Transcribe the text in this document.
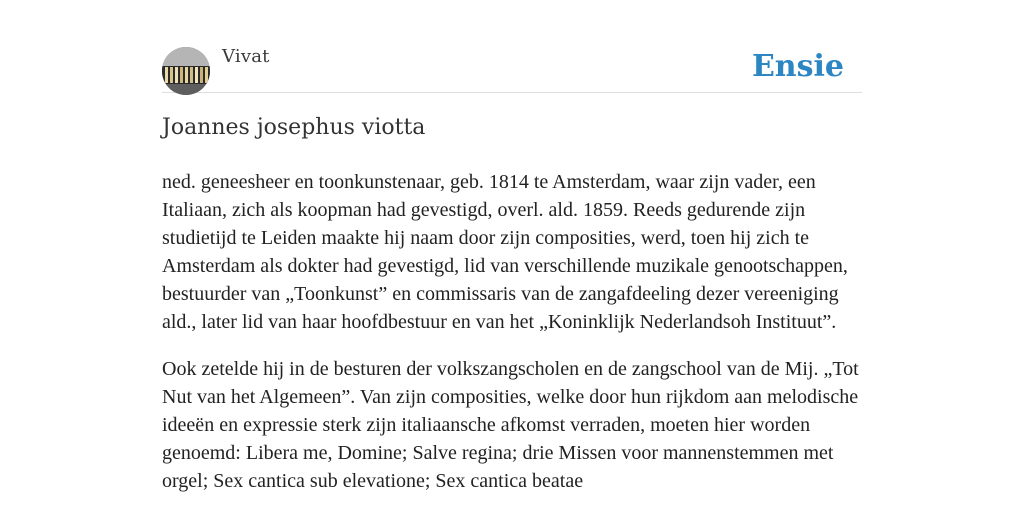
Vivat	Ensie
Joannes josephus viotta

ned. geneesheer en toonkunstenaar, geb. 1814 te Amsterdam, waar zijn vader, een Italiaan, zich als koopman had gevestigd, overl. ald. 1859. Reeds gedurende zijn studietijd te Leiden maakte hij naam door zijn composities, werd, toen hij zich te Amsterdam als dokter had gevestigd, lid van verschillende muzikale genootschappen, bestuurder van „Toonkunst” en commissaris van de zangafdeeling dezer vereeniging ald., later lid van haar hoofdbestuur en van het „Koninklijk Nederlandsoh Instituut”.

Ook zetelde hij in de besturen der volkszangscholen en de zangschool van de Mij. „Tot Nut van het Algemeen”. Van zijn composities, welke door hun rijkdom aan melodische ideeën en expressie sterk zijn italiaansche afkomst verraden, moeten hier worden genoemd: Libera me, Domine; Salve regina; drie Missen voor mannenstemmen met orgel; Sex cantica sub elevatione; Sex cantica beatae
